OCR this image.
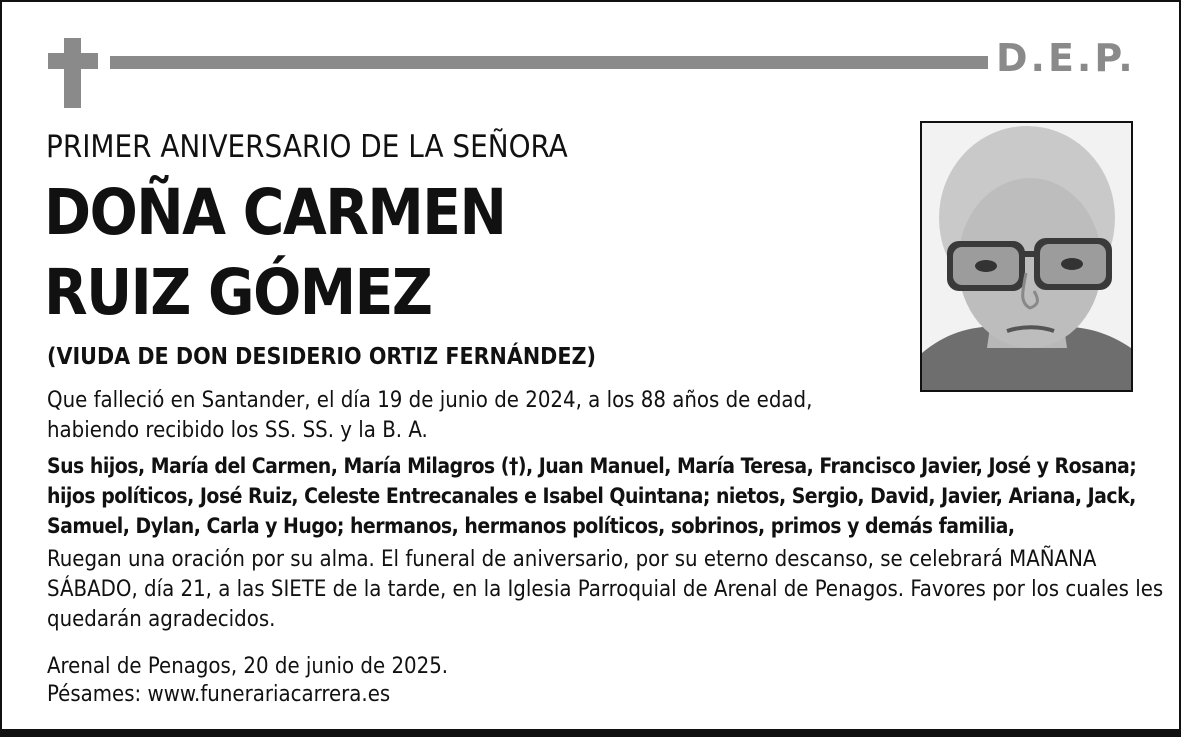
D.E.P.
PRIMER ANIVERSARIO DE LA SEÑORA
DOÑA CARMEN
RUIZ GÓMEZ
(VIUDA DE DON DESIDERIO ORTIZ FERNÁNDEZ)

Que falleció en Santander, el día 19 de junio de 2024, a los 88 años de edad, habiendo recibido los SS. SS. y la B. A.

Sus hijos, María del Carmen, María Milagros (†), Juan Manuel, María Teresa, Francisco Javier, José y Rosana; hijos políticos, José Ruiz, Celeste Entrecanales e Isabel Quintana; nietos, Sergio, David, Javier, Ariana, Jack, Samuel, Dylan, Carla y Hugo; hermanos, hermanos políticos, sobrinos, primos y demás familia,

Ruegan una oración por su alma. El funeral de aniversario, por su eterno descanso, se celebrará MAÑANA SÁBADO, día 21, a las SIETE de la tarde, en la Iglesia Parroquial de Arenal de Penagos. Favores por los cuales les quedarán agradecidos.

Arenal de Penagos, 20 de junio de 2025.
Pésames: www.funerariacarrera.es
